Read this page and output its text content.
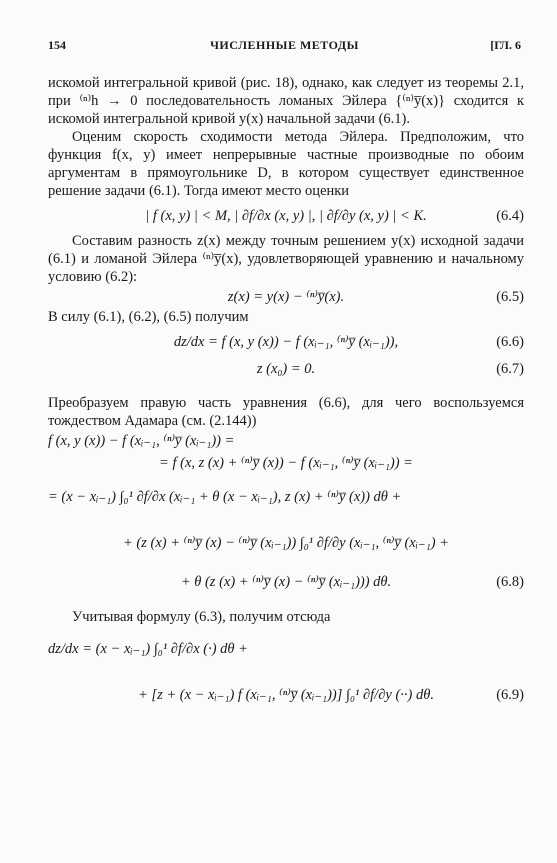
154	ЧИСЛЕННЫЕ МЕТОДЫ	[ГЛ. 6

искомой интегральной кривой (рис. 18), однако, как следует из теоремы 2.1, при ⁽ⁿ⁾h → 0 последовательность ломаных Эйлера {⁽ⁿ⁾y̅(x)} сходится к искомой интегральной кривой y(x) начальной задачи (6.1).

Оценим скорость сходимости метода Эйлера. Предположим, что функция f(x, y) имеет непрерывные частные производные по обоим аргументам в прямоугольнике D, в котором существует единственное решение задачи (6.1). Тогда имеют место оценки

| f (x, y) | < M, | ∂f/∂x (x, y) |, | ∂f/∂y (x, y) | < K.	(6.4)

Составим разность z(x) между точным решением y(x) исходной задачи (6.1) и ломаной Эйлера ⁽ⁿ⁾y̅(x), удовлетворяющей уравнению и начальному условию (6.2):

z(x) = y(x) − ⁽ⁿ⁾y̅(x).	(6.5)

В силу (6.1), (6.2), (6.5) получим

dz/dx = f (x, y (x)) − f (xᵢ₋₁, ⁽ⁿ⁾y̅ (xᵢ₋₁)),	(6.6)
z (x₀) = 0.	(6.7)

Преобразуем правую часть уравнения (6.6), для чего воспользуемся тождеством Адамара (см. (2.144))

f (x, y (x)) − f (xᵢ₋₁, ⁽ⁿ⁾y̅ (xᵢ₋₁)) =
= f (x, z (x) + ⁽ⁿ⁾y̅ (x)) − f (xᵢ₋₁, ⁽ⁿ⁾y̅ (xᵢ₋₁)) =
= (x − xᵢ₋₁) ∫₀¹ ∂f/∂x (xᵢ₋₁ + θ (x − xᵢ₋₁), z (x) + ⁽ⁿ⁾y̅ (x)) dθ +
+ (z (x) + ⁽ⁿ⁾y̅ (x) − ⁽ⁿ⁾y̅ (xᵢ₋₁)) ∫₀¹ ∂f/∂y (xᵢ₋₁, ⁽ⁿ⁾y̅ (xᵢ₋₁) +
+ θ (z (x) + ⁽ⁿ⁾y̅ (x) − ⁽ⁿ⁾y̅ (xᵢ₋₁))) dθ.	(6.8)

Учитывая формулу (6.3), получим отсюда

dz/dx = (x − xᵢ₋₁) ∫₀¹ ∂f/∂x (·) dθ +
+ [z + (x − xᵢ₋₁) f (xᵢ₋₁, ⁽ⁿ⁾y̅ (xᵢ₋₁))] ∫₀¹ ∂f/∂y (··) dθ.	(6.9)
